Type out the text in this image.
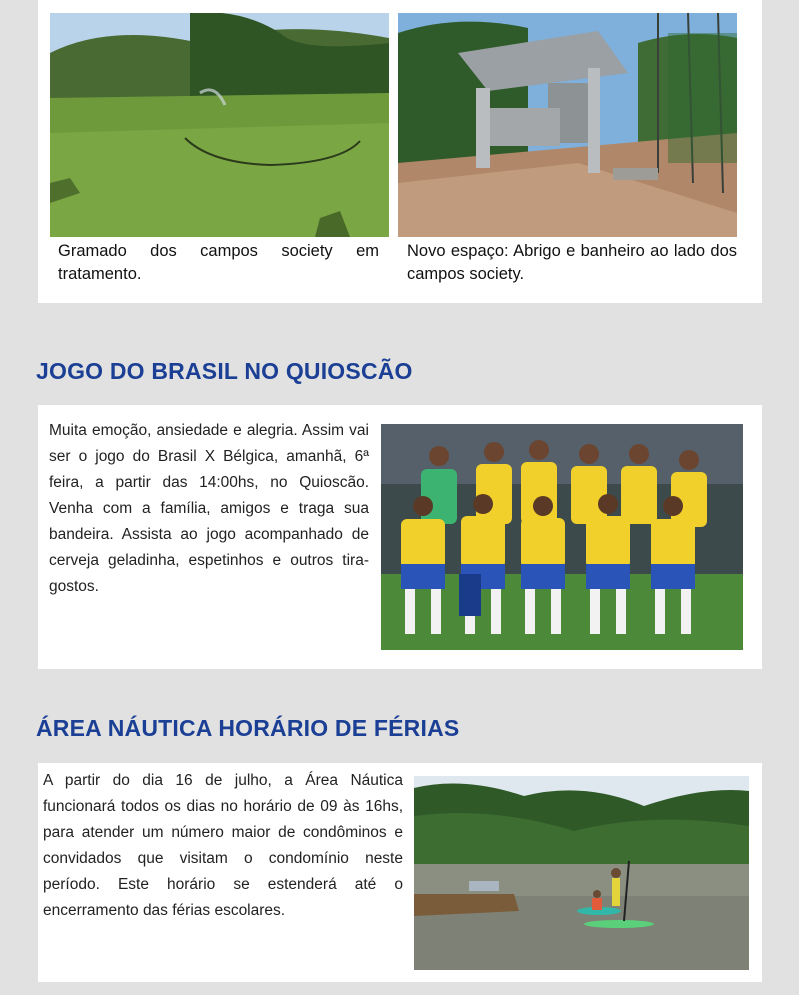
Gramado dos campos society em tratamento.
Novo espaço: Abrigo e banheiro ao lado dos campos society.
JOGO DO BRASIL NO QUIOSCÃO
Muita emoção, ansiedade e alegria. Assim vai ser o jogo do Brasil X Bélgica, amanhã, 6ª feira, a partir das 14:00hs, no Quioscão. Venha com a família, amigos e traga sua bandeira. Assista ao jogo acompanhado de cerveja geladinha, espetinhos e outros tira-gostos.
ÁREA NÁUTICA HORÁRIO DE FÉRIAS
A partir do dia 16 de julho, a Área Náutica funcionará todos os dias no horário de 09 às 16hs, para atender um número maior de condôminos e convidados que visitam o condomínio neste período. Este horário se estenderá até o encerramento das férias escolares.
